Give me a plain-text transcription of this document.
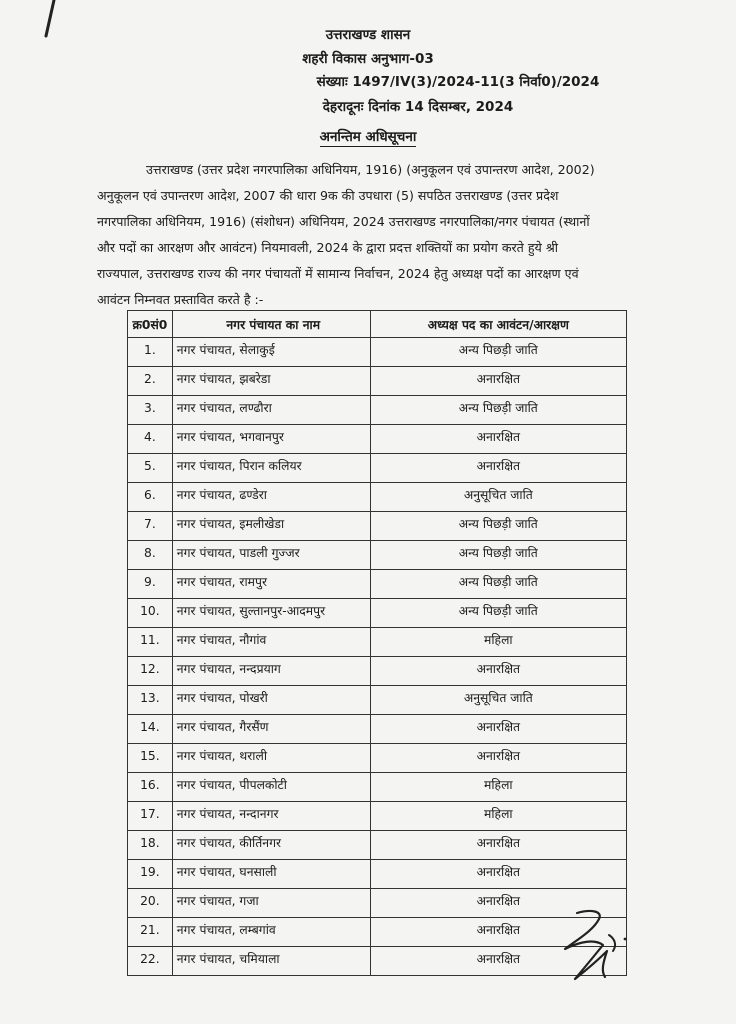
उत्तराखण्ड शासन
शहरी विकास अनुभाग-03
संख्याः 1497/IV(3)/2024-11(3 निर्वा0)/2024
देहरादूनः दिनांक 14 दिसम्बर, 2024
अनन्तिम अधिसूचना
उत्तराखण्ड (उत्तर प्रदेश नगरपालिका अधिनियम, 1916) (अनुकूलन एवं उपान्तरण आदेश, 2002)
अनुकूलन एवं उपान्तरण आदेश, 2007 की धारा 9क की उपधारा (5) सपठित उत्तराखण्ड (उत्तर प्रदेश
नगरपालिका अधिनियम, 1916) (संशोधन) अधिनियम, 2024 उत्तराखण्ड नगरपालिका/नगर पंचायत (स्थानों
और पदों का आरक्षण और आवंटन) नियमावली, 2024 के द्वारा प्रदत्त शक्तियों का प्रयोग करते हुये श्री
राज्यपाल, उत्तराखण्ड राज्य की नगर पंचायतों में सामान्य निर्वाचन, 2024 हेतु अध्यक्ष पदों का आरक्षण एवं
आवंटन निम्नवत प्रस्तावित करते है :-
क्र0सं0	नगर पंचायत का नाम	अध्यक्ष पद का आवंटन/आरक्षण
1.	नगर पंचायत, सेलाकुई	अन्य पिछड़ी जाति
2.	नगर पंचायत, झबरेडा	अनारक्षित
3.	नगर पंचायत, लण्ढौरा	अन्य पिछड़ी जाति
4.	नगर पंचायत, भगवानपुर	अनारक्षित
5.	नगर पंचायत, पिरान कलियर	अनारक्षित
6.	नगर पंचायत, ढण्डेरा	अनुसूचित जाति
7.	नगर पंचायत, इमलीखेडा	अन्य पिछड़ी जाति
8.	नगर पंचायत, पाडली गुज्जर	अन्य पिछड़ी जाति
9.	नगर पंचायत, रामपुर	अन्य पिछड़ी जाति
10.	नगर पंचायत, सुल्तानपुर-आदमपुर	अन्य पिछड़ी जाति
11.	नगर पंचायत, नौगांव	महिला
12.	नगर पंचायत, नन्दप्रयाग	अनारक्षित
13.	नगर पंचायत, पोखरी	अनुसूचित जाति
14.	नगर पंचायत, गैरसैंण	अनारक्षित
15.	नगर पंचायत, थराली	अनारक्षित
16.	नगर पंचायत, पीपलकोटी	महिला
17.	नगर पंचायत, नन्दानगर	महिला
18.	नगर पंचायत, कीर्तिनगर	अनारक्षित
19.	नगर पंचायत, घनसाली	अनारक्षित
20.	नगर पंचायत, गजा	अनारक्षित
21.	नगर पंचायत, लम्बगांव	अनारक्षित
22.	नगर पंचायत, चमियाला	अनारक्षित
